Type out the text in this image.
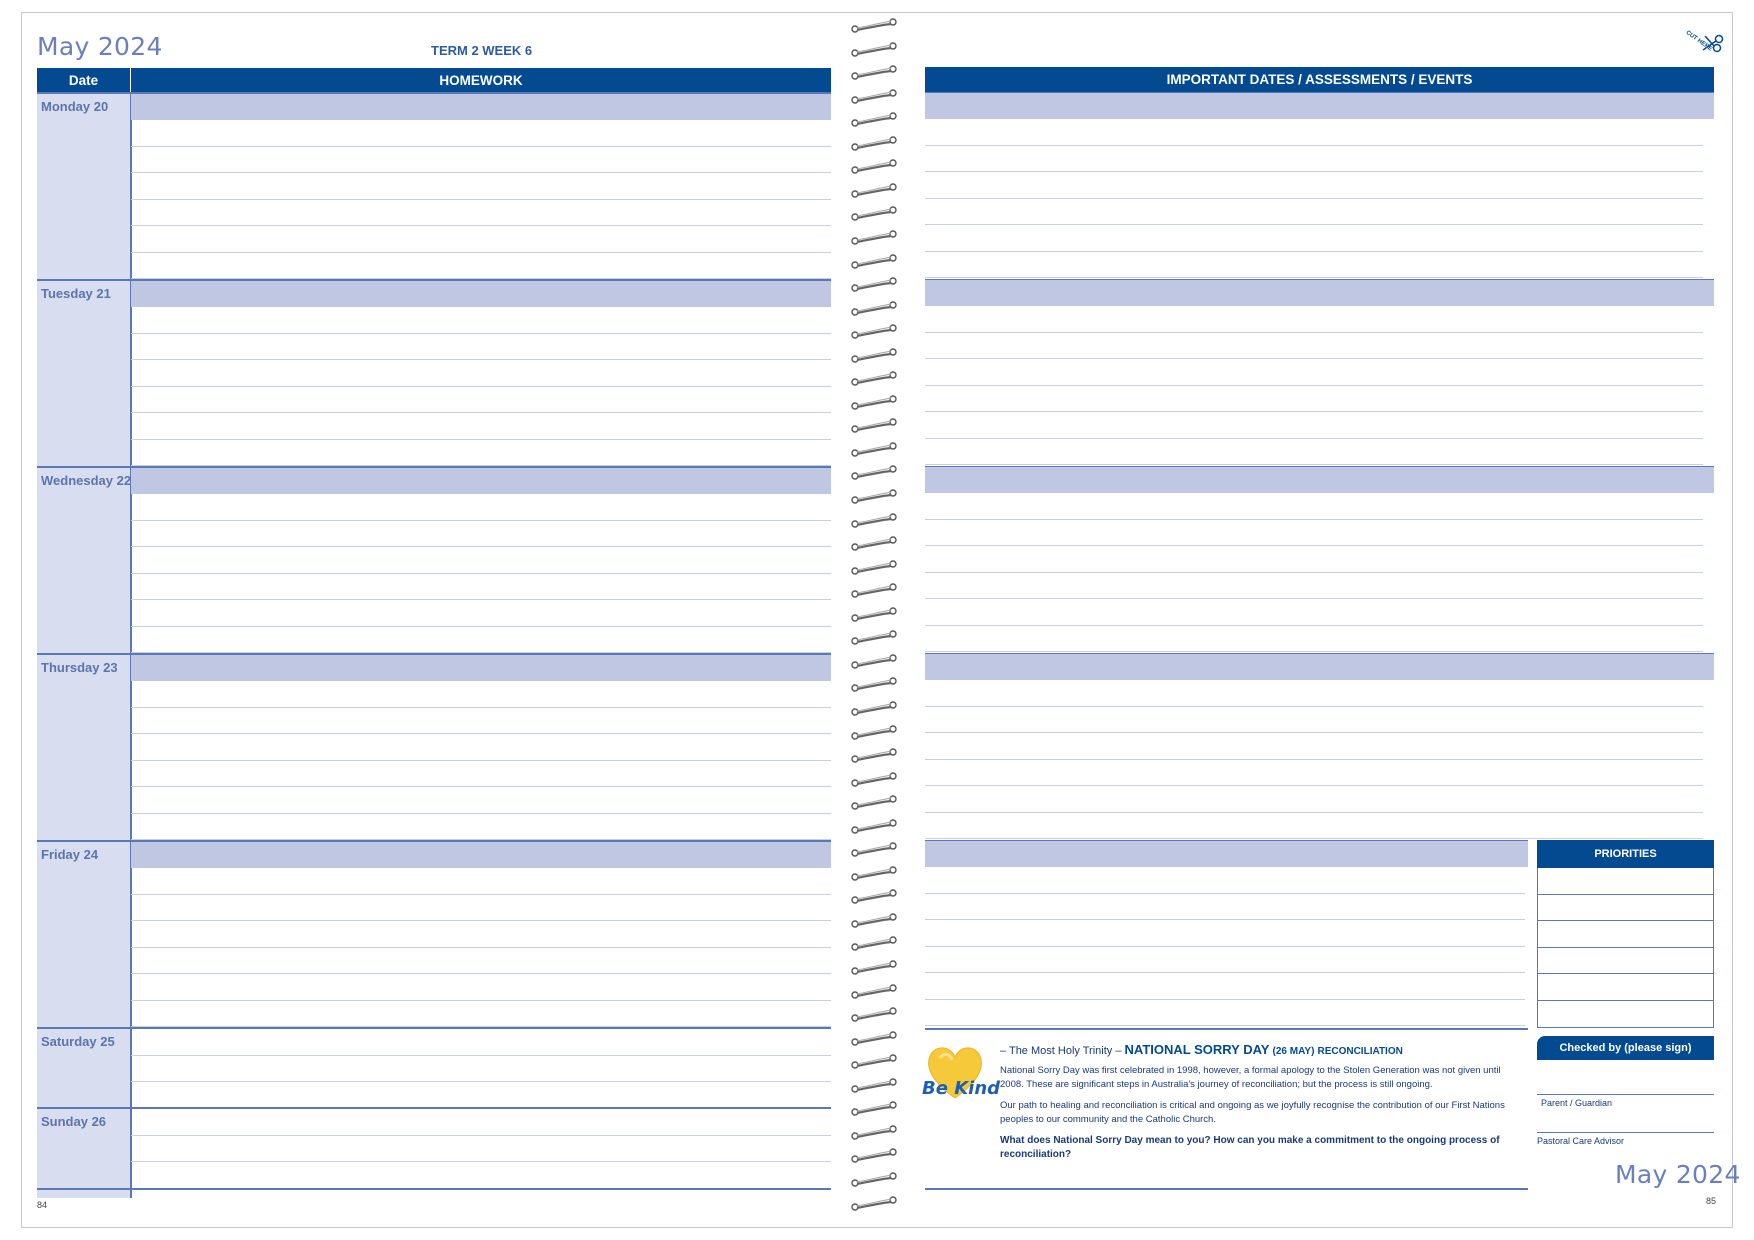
May 2024	TERM 2 WEEK 6
Date	HOMEWORK
Monday 20
Tuesday 21
Wednesday 22
Thursday 23
Friday 24
Saturday 25
Sunday 26
84
CUT HERE
IMPORTANT DATES / ASSESSMENTS / EVENTS
PRIORITIES
Checked by (please sign)
Parent / Guardian
Pastoral Care Advisor
Be Kind
– The Most Holy Trinity – NATIONAL SORRY DAY (26 MAY) RECONCILIATION
National Sorry Day was first celebrated in 1998, however, a formal apology to the Stolen Generation was not given until 2008. These are significant steps in Australia's journey of reconciliation; but the process is still ongoing.
Our path to healing and reconciliation is critical and ongoing as we joyfully recognise the contribution of our First Nations peoples to our community and the Catholic Church.
What does National Sorry Day mean to you? How can you make a commitment to the ongoing process of reconciliation?
May 2024
85
